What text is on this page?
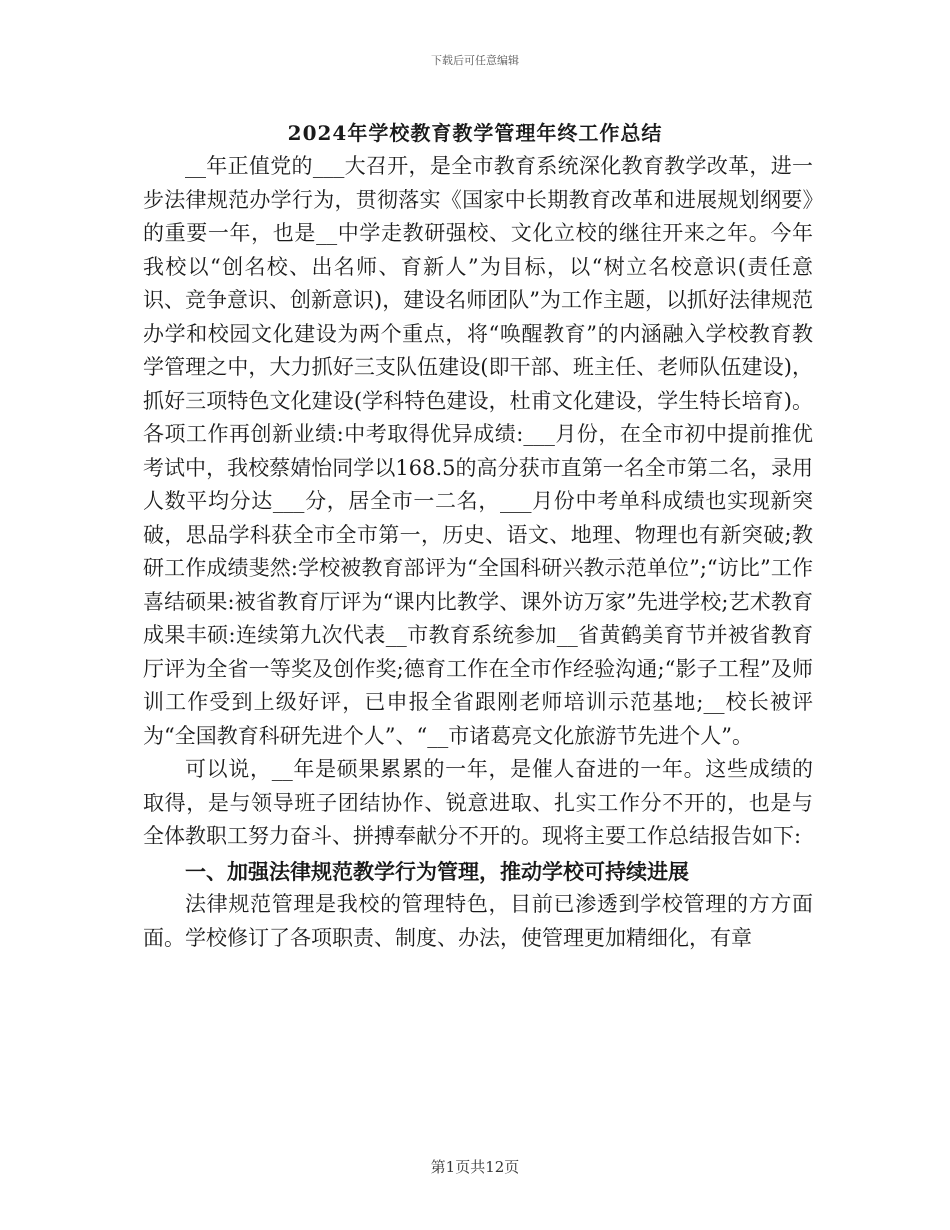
下载后可任意编辑
2024年学校教育教学管理年终工作总结

__年正值党的___大召开，是全市教育系统深化教育教学改革，进一步法律规范办学行为，贯彻落实《国家中长期教育改革和进展规划纲要》的重要一年，也是__中学走教研强校、文化立校的继往开来之年。今年我校以“创名校、出名师、育新人”为目标，以“树立名校意识(责任意识、竞争意识、创新意识)，建设名师团队”为工作主题，以抓好法律规范办学和校园文化建设为两个重点，将“唤醒教育”的内涵融入学校教育教学管理之中，大力抓好三支队伍建设(即干部、班主任、老师队伍建设)，抓好三项特色文化建设(学科特色建设，杜甫文化建设，学生特长培育)。各项工作再创新业绩:中考取得优异成绩:___月份，在全市初中提前推优考试中，我校蔡婧怡同学以168.5的高分获市直第一名全市第二名，录用人数平均分达___分，居全市一二名，___月份中考单科成绩也实现新突破，思品学科获全市全市第一，历史、语文、地理、物理也有新突破;教研工作成绩斐然:学校被教育部评为“全国科研兴教示范单位”;“访比”工作喜结硕果:被省教育厅评为“课内比教学、课外访万家”先进学校;艺术教育成果丰硕:连续第九次代表__市教育系统参加__省黄鹤美育节并被省教育厅评为全省一等奖及创作奖;德育工作在全市作经验沟通;“影子工程”及师训工作受到上级好评，已申报全省跟刚老师培训示范基地;__校长被评为“全国教育科研先进个人”、“__市诸葛亮文化旅游节先进个人”。

可以说，__年是硕果累累的一年，是催人奋进的一年。这些成绩的取得，是与领导班子团结协作、锐意进取、扎实工作分不开的，也是与全体教职工努力奋斗、拼搏奉献分不开的。现将主要工作总结报告如下:

一、加强法律规范教学行为管理，推动学校可持续进展

法律规范管理是我校的管理特色，目前已渗透到学校管理的方方面面。学校修订了各项职责、制度、办法，使管理更加精细化，有章

第1页共12页
